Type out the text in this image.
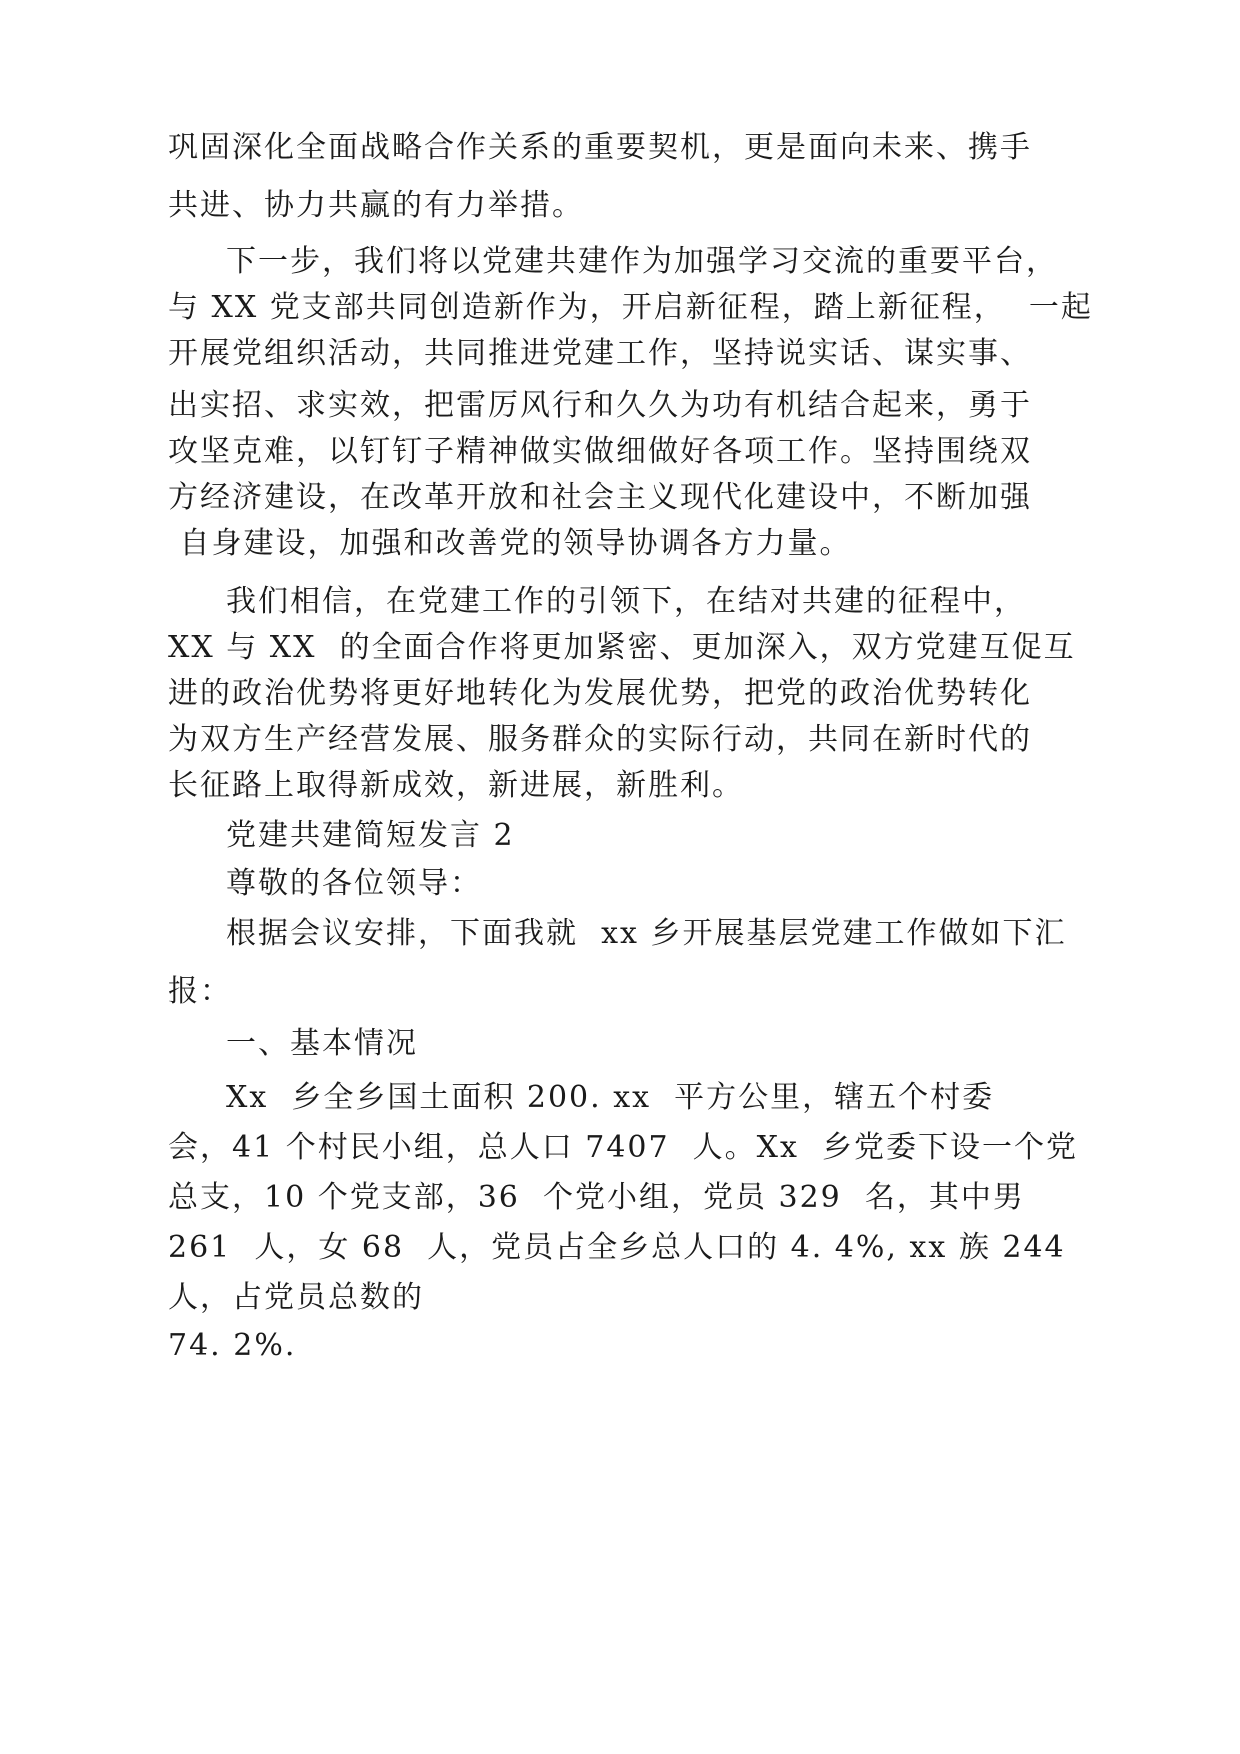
巩固深化全面战略合作关系的重要契机，更是面向未来、携手
共进、协力共赢的有力举措。
下一步，我们将以党建共建作为加强学习交流的重要平台，
与 XX 党支部共同创造新作为，开启新征程，踏上新征程，  一起
开展党组织活动，共同推进党建工作，坚持说实话、谋实事、
出实招、求实效，把雷厉风行和久久为功有机结合起来，勇于
攻坚克难，以钉钉子精神做实做细做好各项工作。坚持围绕双
方经济建设，在改革开放和社会主义现代化建设中，不断加强
自身建设，加强和改善党的领导协调各方力量。
我们相信，在党建工作的引领下，在结对共建的征程中，
XX 与 XX  的全面合作将更加紧密、更加深入，双方党建互促互
进的政治优势将更好地转化为发展优势，把党的政治优势转化
为双方生产经营发展、服务群众的实际行动，共同在新时代的
长征路上取得新成效，新进展，新胜利。
党建共建简短发言 2
尊敬的各位领导：
根据会议安排，下面我就  xx 乡开展基层党建工作做如下汇
报：
一、基本情况
Xx  乡全乡国土面积 200. xx  平方公里，辖五个村委
会，41 个村民小组，总人口 7407  人。Xx  乡党委下设一个党
总支，10 个党支部，36  个党小组，党员 329  名，其中男
261  人，女 68  人，党员占全乡总人口的 4. 4%, xx 族 244
人，占党员总数的
74. 2%.
